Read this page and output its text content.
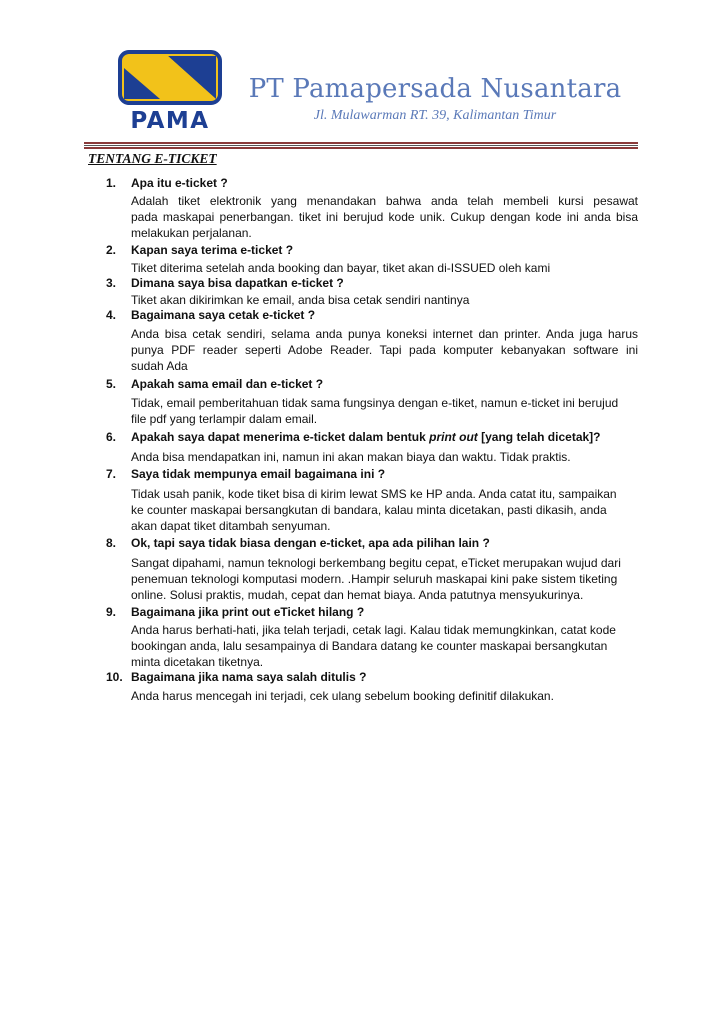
PAMA
PT Pamapersada Nusantara
Jl. Mulawarman RT. 39, Kalimantan Timur
TENTANG E-TICKET
1. Apa itu e-ticket ?

Adalah tiket elektronik yang menandakan bahwa anda telah membeli kursi pesawat

pada maskapai penerbangan. tiket ini berujud kode unik. Cukup dengan kode ini anda bisa

melakukan perjalanan.

2. Kapan saya terima e-ticket ?

Tiket diterima setelah anda booking dan bayar, tiket akan di-ISSUED oleh kami

3. Dimana saya bisa dapatkan e-ticket ?

Tiket akan dikirimkan ke email, anda bisa cetak sendiri nantinya

4. Bagaimana saya cetak e-ticket ?

Anda bisa cetak sendiri, selama anda punya koneksi internet dan printer. Anda juga harus

punya PDF reader seperti Adobe Reader. Tapi pada komputer kebanyakan software ini

sudah Ada

5. Apakah sama email dan e-ticket ?

Tidak, email pemberitahuan tidak sama fungsinya dengan e-tiket, namun e-ticket ini berujud

file pdf yang terlampir dalam email.

6. Apakah saya dapat menerima e-ticket dalam bentuk print out [yang telah dicetak]?

Anda bisa mendapatkan ini, namun ini akan makan biaya dan waktu. Tidak praktis.

7. Saya tidak mempunya email bagaimana ini ?

Tidak usah panik, kode tiket bisa di kirim lewat SMS ke HP anda. Anda catat itu, sampaikan

ke counter maskapai bersangkutan di bandara, kalau minta dicetakan, pasti dikasih, anda

akan dapat tiket ditambah senyuman.

8. Ok, tapi saya tidak biasa dengan e-ticket, apa ada pilihan lain ?

Sangat dipahami, namun teknologi berkembang begitu cepat, eTicket merupakan wujud dari

penemuan teknologi komputasi modern. .Hampir seluruh maskapai kini pake sistem tiketing

online. Solusi praktis, mudah, cepat dan hemat biaya. Anda patutnya mensyukurinya.

9. Bagaimana jika print out eTicket hilang ?

Anda harus berhati-hati, jika telah terjadi, cetak lagi. Kalau tidak memungkinkan, catat kode

bookingan anda, lalu sesampainya di Bandara datang ke counter maskapai bersangkutan

minta dicetakan tiketnya.

10. Bagaimana jika nama saya salah ditulis ?

Anda harus mencegah ini terjadi, cek ulang sebelum booking definitif dilakukan.
